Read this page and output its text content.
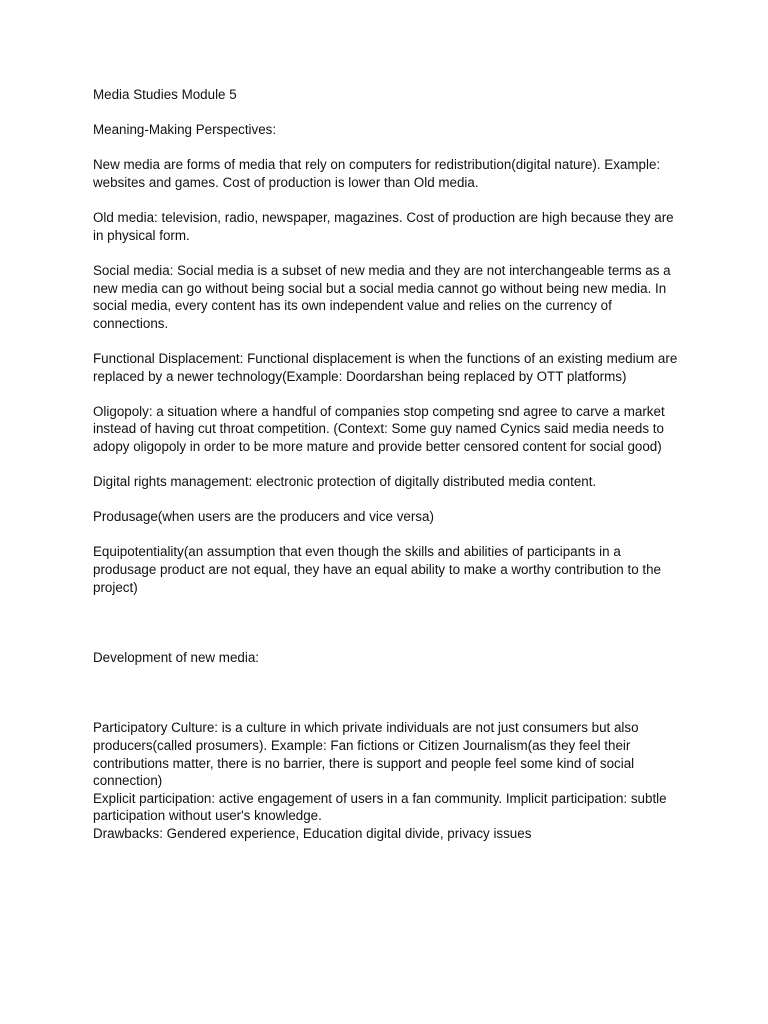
Media Studies Module 5

Meaning-Making Perspectives:

New media are forms of media that rely on computers for redistribution(digital nature). Example: websites and games. Cost of production is lower than Old media.

Old media: television, radio, newspaper, magazines. Cost of production are high because they are in physical form.

Social media: Social media is a subset of new media and they are not interchangeable terms as a new media can go without being social but a social media cannot go without being new media. In social media, every content has its own independent value and relies on the currency of connections.

Functional Displacement: Functional displacement is when the functions of an existing medium are replaced by a newer technology(Example: Doordarshan being replaced by OTT platforms)

Oligopoly: a situation where a handful of companies stop competing snd agree to carve a market instead of having cut throat competition. (Context: Some guy named Cynics said media needs to adopy oligopoly in order to be more mature and provide better censored content for social good)

Digital rights management: electronic protection of digitally distributed media content.

Produsage(when users are the producers and vice versa)

Equipotentiality(an assumption that even though the skills and abilities of participants in a produsage product are not equal, they have an equal ability to make a worthy contribution to the project)

Development of new media:

Participatory Culture: is a culture in which private individuals are not just consumers but also producers(called prosumers). Example: Fan fictions or Citizen Journalism(as they feel their contributions matter, there is no barrier, there is support and people feel some kind of social connection)

Explicit participation: active engagement of users in a fan community. Implicit participation: subtle participation without user's knowledge.

Drawbacks: Gendered experience, Education digital divide, privacy issues
